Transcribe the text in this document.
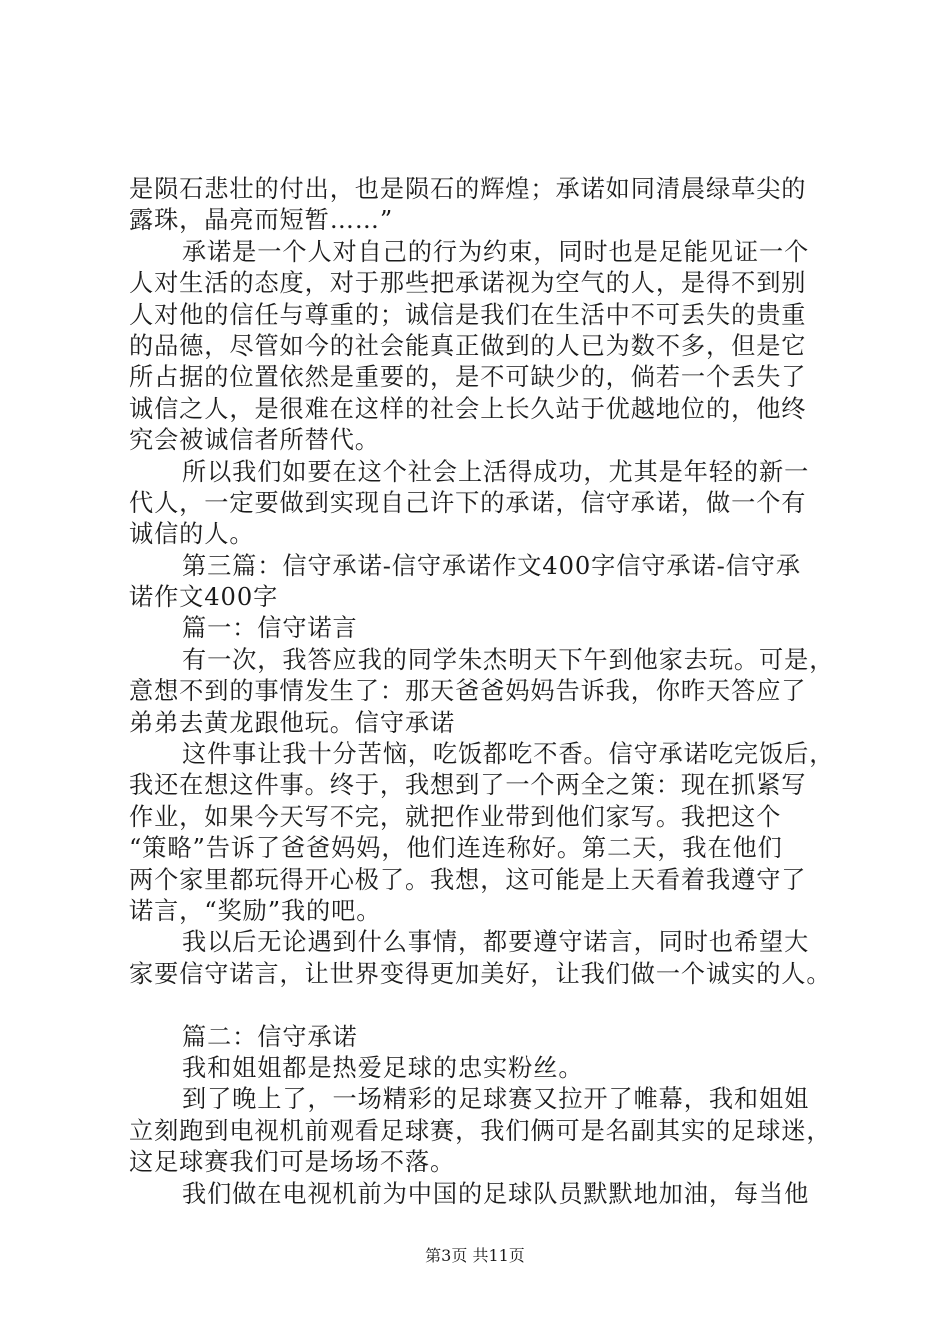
是陨石悲壮的付出，也是陨石的辉煌；承诺如同清晨绿草尖的
露珠，晶亮而短暂……”
承诺是一个人对自己的行为约束，同时也是足能见证一个
人对生活的态度，对于那些把承诺视为空气的人，是得不到别
人对他的信任与尊重的；诚信是我们在生活中不可丢失的贵重
的品德，尽管如今的社会能真正做到的人已为数不多，但是它
所占据的位置依然是重要的，是不可缺少的，倘若一个丢失了
诚信之人，是很难在这样的社会上长久站于优越地位的，他终
究会被诚信者所替代。
所以我们如要在这个社会上活得成功，尤其是年轻的新一
代人，一定要做到实现自己许下的承诺，信守承诺，做一个有
诚信的人。
第三篇：信守承诺-信守承诺作文400字信守承诺-信守承
诺作文400字
篇一：信守诺言
有一次，我答应我的同学朱杰明天下午到他家去玩。可是，
意想不到的事情发生了：那天爸爸妈妈告诉我，你昨天答应了
弟弟去黄龙跟他玩。信守承诺
这件事让我十分苦恼，吃饭都吃不香。信守承诺吃完饭后，
我还在想这件事。终于，我想到了一个两全之策：现在抓紧写
作业，如果今天写不完，就把作业带到他们家写。我把这个
“策略”告诉了爸爸妈妈，他们连连称好。第二天，我在他们
两个家里都玩得开心极了。我想，这可能是上天看着我遵守了
诺言，“奖励”我的吧。
我以后无论遇到什么事情，都要遵守诺言，同时也希望大
家要信守诺言，让世界变得更加美好，让我们做一个诚实的人。
篇二：信守承诺
我和姐姐都是热爱足球的忠实粉丝。
到了晚上了，一场精彩的足球赛又拉开了帷幕，我和姐姐
立刻跑到电视机前观看足球赛，我们俩可是名副其实的足球迷，
这足球赛我们可是场场不落。
我们做在电视机前为中国的足球队员默默地加油，每当他
第3页 共11页
